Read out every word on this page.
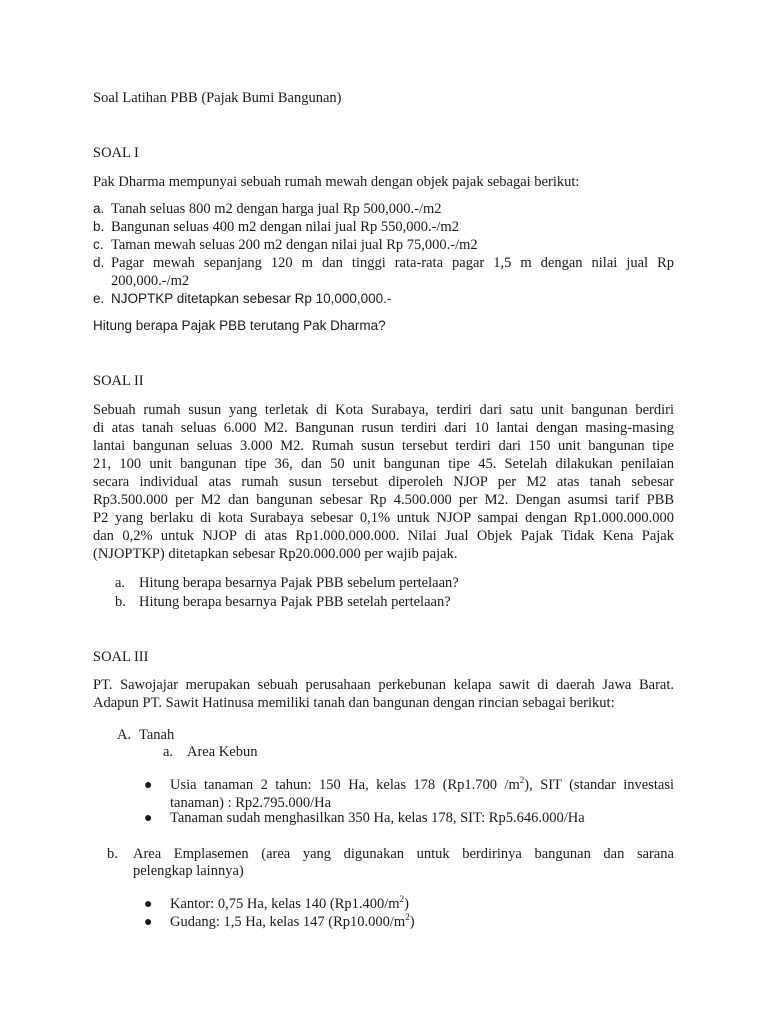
Soal Latihan PBB (Pajak Bumi Bangunan)
SOAL I
Pak Dharma mempunyai sebuah rumah mewah dengan objek pajak sebagai berikut:
a. Tanah seluas 800 m2 dengan harga jual Rp 500,000.-/m2
b. Bangunan seluas 400 m2 dengan nilai jual Rp 550,000.-/m2
c. Taman mewah seluas 200 m2 dengan nilai jual Rp 75,000.-/m2
d. Pagar mewah sepanjang 120 m dan tinggi rata-rata pagar 1,5 m dengan nilai jual Rp
200,000.-/m2
e. NJOPTKP ditetapkan sebesar Rp 10,000,000.-
Hitung berapa Pajak PBB terutang Pak Dharma?
SOAL II
Sebuah rumah susun yang terletak di Kota Surabaya, terdiri dari satu unit bangunan berdiri
di atas tanah seluas 6.000 M2. Bangunan rusun terdiri dari 10 lantai dengan masing-masing
lantai bangunan seluas 3.000 M2. Rumah susun tersebut terdiri dari 150 unit bangunan tipe
21, 100 unit bangunan tipe 36, dan 50 unit bangunan tipe 45. Setelah dilakukan penilaian
secara individual atas rumah susun tersebut diperoleh NJOP per M2 atas tanah sebesar
Rp3.500.000 per M2 dan bangunan sebesar Rp 4.500.000 per M2. Dengan asumsi tarif PBB
P2 yang berlaku di kota Surabaya sebesar 0,1% untuk NJOP sampai dengan Rp1.000.000.000
dan 0,2% untuk NJOP di atas Rp1.000.000.000. Nilai Jual Objek Pajak Tidak Kena Pajak
(NJOPTKP) ditetapkan sebesar Rp20.000.000 per wajib pajak.
a. Hitung berapa besarnya Pajak PBB sebelum pertelaan?
b. Hitung berapa besarnya Pajak PBB setelah pertelaan?
SOAL III
PT. Sawojajar merupakan sebuah perusahaan perkebunan kelapa sawit di daerah Jawa Barat.
Adapun PT. Sawit Hatinusa memiliki tanah dan bangunan dengan rincian sebagai berikut:
A. Tanah
a. Area Kebun
● Usia tanaman 2 tahun: 150 Ha, kelas 178 (Rp1.700 $/m^2$), SIT (standar investasi
tanaman) : Rp2.795.000/Ha
● Tanaman sudah menghasilkan 350 Ha, kelas 178, SIT: Rp5.646.000/Ha
b. Area Emplasemen (area yang digunakan untuk berdirinya bangunan dan sarana
pelengkap lainnya)
● Kantor: 0,75 Ha, kelas 140 $(Rp1.400/m^2)$
● Gudang: 1,5 Ha, kelas 147 $(Rp10.000/m^2)$
